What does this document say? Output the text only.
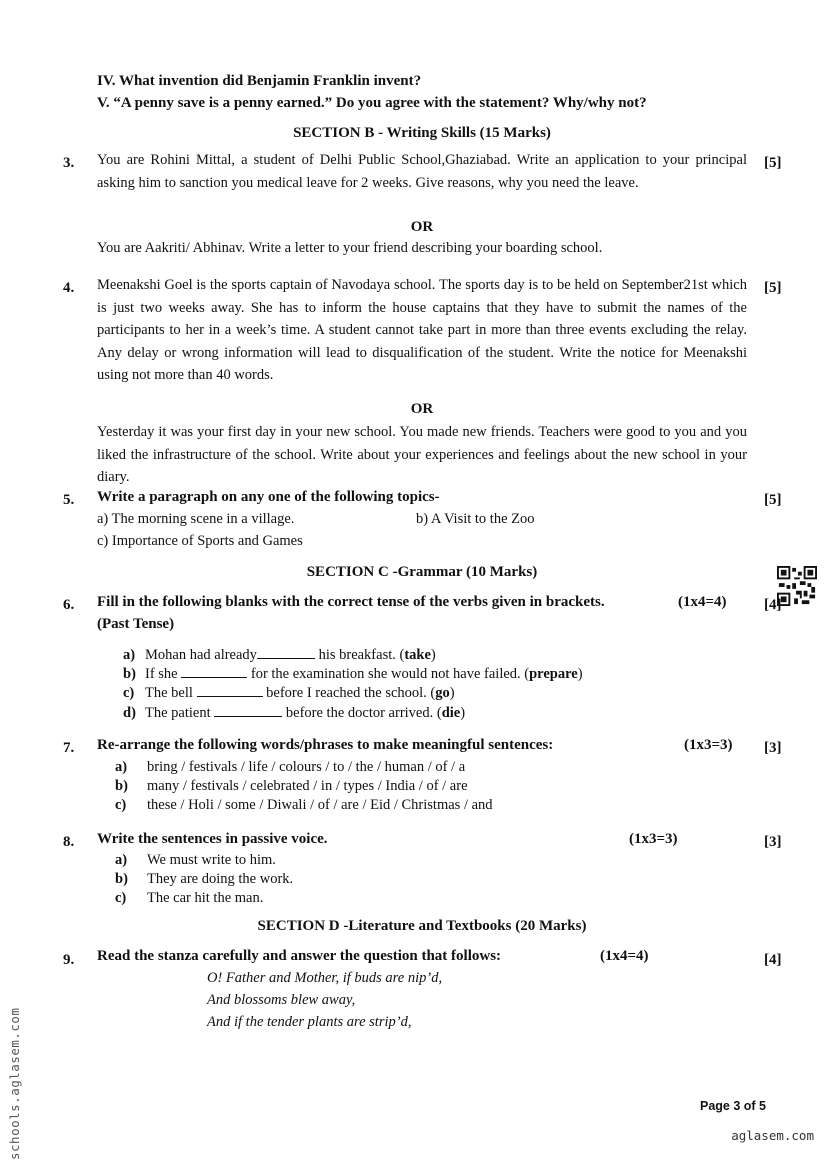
IV. What invention did Benjamin Franklin invent?
V. “A penny save is a penny earned.” Do you agree with the statement? Why/why not?
SECTION B - Writing Skills (15 Marks)
3.	[5]
You are Rohini Mittal, a student of Delhi Public School,Ghaziabad. Write an application to your principal asking him to sanction you medical leave for 2 weeks. Give reasons, why you need the leave.
OR
You are Aakriti/ Abhinav. Write a letter to your friend describing your boarding school.
4.	[5]
Meenakshi Goel is the sports captain of Navodaya school. The sports day is to be held on September21st which is just two weeks away. She has to inform the house captains that they have to submit the names of the participants to her in a week’s time. A student cannot take part in more than three events excluding the relay. Any delay or wrong information will lead to disqualification of the student. Write the notice for Meenakshi using not more than 40 words.
OR
Yesterday it was your first day in your new school. You made new friends. Teachers were good to you and you liked the infrastructure of the school. Write about your experiences and feelings about the new school in your diary.
5.	[5]
Write a paragraph on any one of the following topics-
a) The morning scene in a village.	b) A Visit to the Zoo
c) Importance of Sports and Games
SECTION C -Grammar (10 Marks)
6.	[4]
Fill in the following blanks with the correct tense of the verbs given in brackets.	(1x4=4)
(Past Tense)
a) Mohan had already	his breakfast. (take)
b) If she	for the examination she would not have failed. (prepare)
c) The bell	before I reached the school. (go)
d) The patient	before the doctor arrived. (die)
7.	[3]
Re-arrange the following words/phrases to make meaningful sentences:	(1x3=3)
a) bring / festivals / life / colours / to / the / human / of / a
b) many / festivals / celebrated / in / types / India / of / are
c) these / Holi / some / Diwali / of / are / Eid / Christmas / and
8.	[3]
Write the sentences in passive voice.	(1x3=3)
a) We must write to him.
b) They are doing the work.
c) The car hit the man.
SECTION D -Literature and Textbooks (20 Marks)
9.	[4]
Read the stanza carefully and answer the question that follows:	(1x4=4)
O! Father and Mother, if buds are nip’d,
And blossoms blew away,
And if the tender plants are strip’d,
Page 3 of 5
aglasem.com
schools.aglasem.com
